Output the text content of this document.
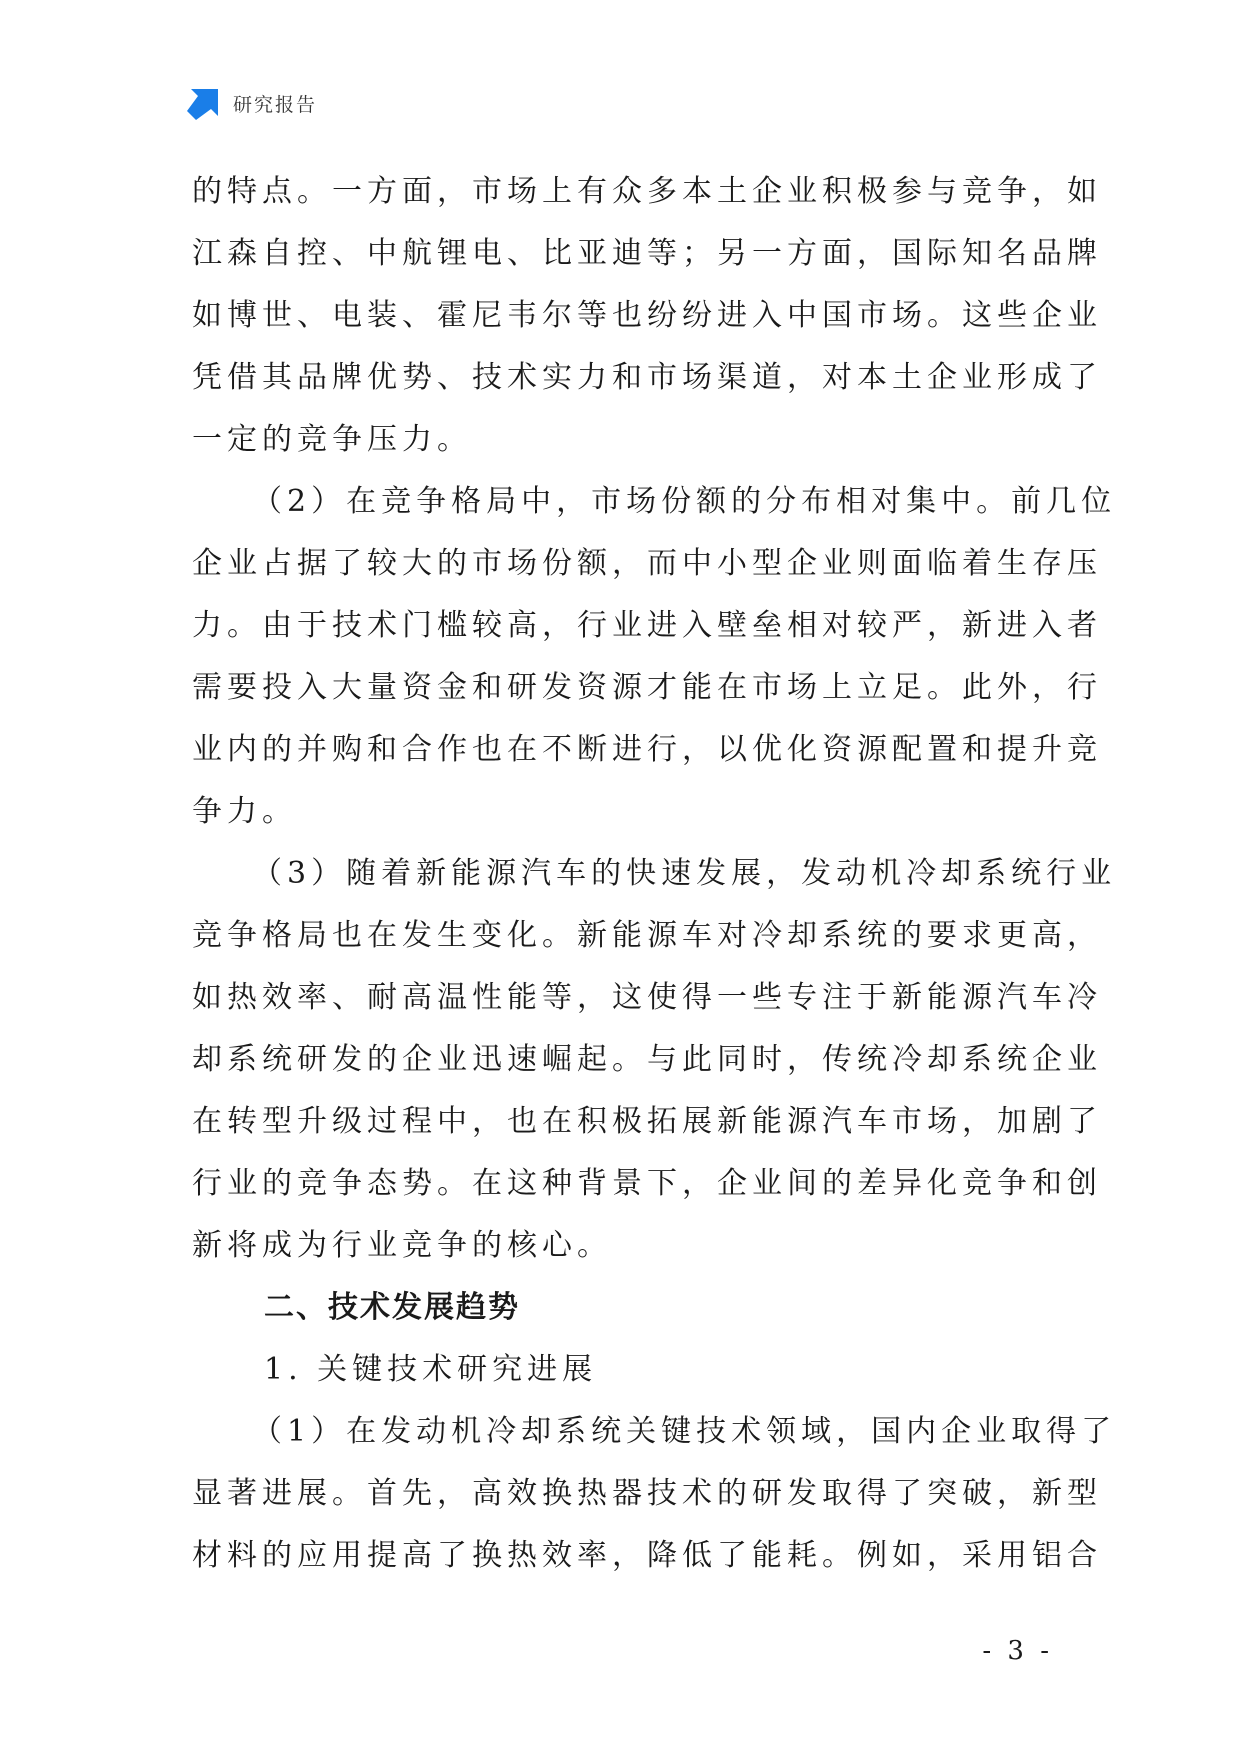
研究报告
的特点。一方面，市场上有众多本土企业积极参与竞争，如
江森自控、中航锂电、比亚迪等；另一方面，国际知名品牌
如博世、电装、霍尼韦尔等也纷纷进入中国市场。这些企业
凭借其品牌优势、技术实力和市场渠道，对本土企业形成了
一定的竞争压力。
（2）在竞争格局中，市场份额的分布相对集中。前几位
企业占据了较大的市场份额，而中小型企业则面临着生存压
力。由于技术门槛较高，行业进入壁垒相对较严，新进入者
需要投入大量资金和研发资源才能在市场上立足。此外，行
业内的并购和合作也在不断进行，以优化资源配置和提升竞
争力。
（3）随着新能源汽车的快速发展，发动机冷却系统行业
竞争格局也在发生变化。新能源车对冷却系统的要求更高，
如热效率、耐高温性能等，这使得一些专注于新能源汽车冷
却系统研发的企业迅速崛起。与此同时，传统冷却系统企业
在转型升级过程中，也在积极拓展新能源汽车市场，加剧了
行业的竞争态势。在这种背景下，企业间的差异化竞争和创
新将成为行业竞争的核心。
二、技术发展趋势
1. 关键技术研究进展
（1）在发动机冷却系统关键技术领域，国内企业取得了
显著进展。首先，高效换热器技术的研发取得了突破，新型
材料的应用提高了换热效率，降低了能耗。例如，采用铝合
- 3 -
